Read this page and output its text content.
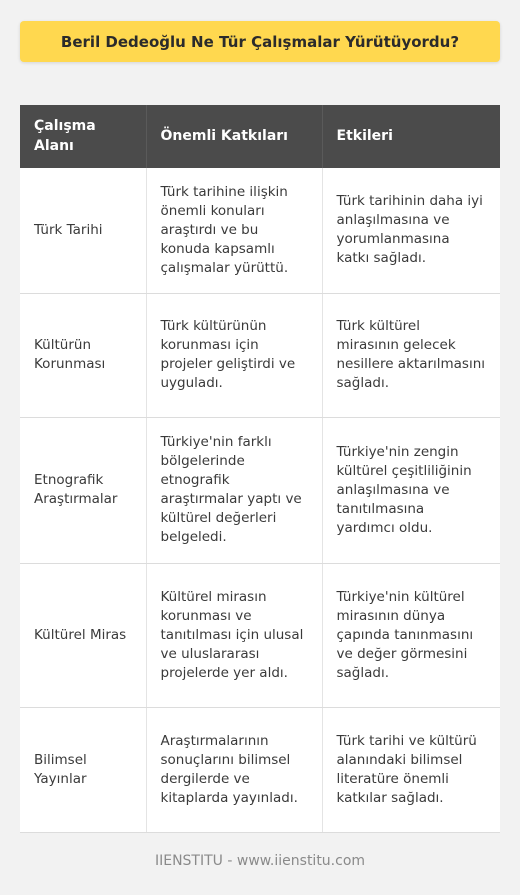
Beril Dedeoğlu Ne Tür Çalışmalar Yürütüyordu?
Çalışma Alanı	Önemli Katkıları	Etkileri
Türk Tarihi	Türk tarihine ilişkin önemli konuları araştırdı ve bu konuda kapsamlı çalışmalar yürüttü.	Türk tarihinin daha iyi anlaşılmasına ve yorumlanmasına katkı sağladı.
Kültürün Korunması	Türk kültürünün korunması için projeler geliştirdi ve uyguladı.	Türk kültürel mirasının gelecek nesillere aktarılmasını sağladı.
Etnografik Araştırmalar	Türkiye'nin farklı bölgelerinde etnografik araştırmalar yaptı ve kültürel değerleri belgeledi.	Türkiye'nin zengin kültürel çeşitliliğinin anlaşılmasına ve tanıtılmasına yardımcı oldu.
Kültürel Miras	Kültürel mirasın korunması ve tanıtılması için ulusal ve uluslararası projelerde yer aldı.	Türkiye'nin kültürel mirasının dünya çapında tanınmasını ve değer görmesini sağladı.
Bilimsel Yayınlar	Araştırmalarının sonuçlarını bilimsel dergilerde ve kitaplarda yayınladı.	Türk tarihi ve kültürü alanındaki bilimsel literatüre önemli katkılar sağladı.
IIENSTITU - www.iienstitu.com
